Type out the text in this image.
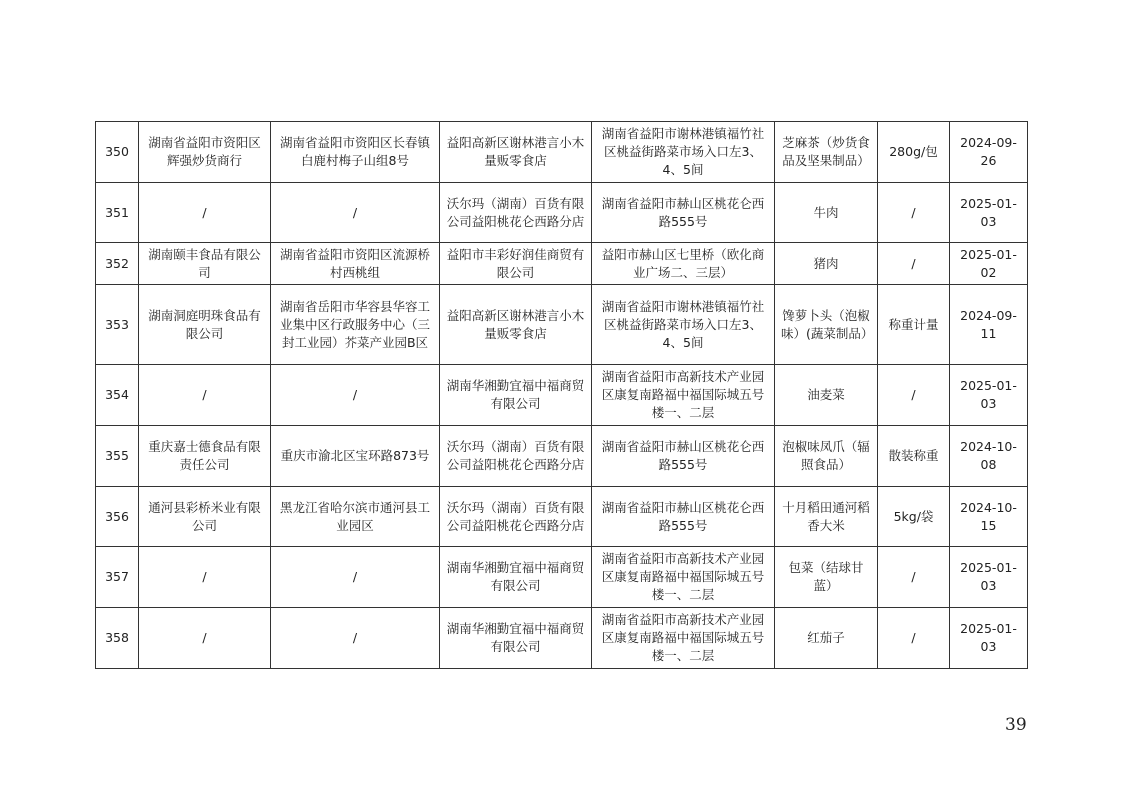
350	湖南省益阳市资阳区辉强炒货商行	湖南省益阳市资阳区长春镇白鹿村梅子山组8号	益阳高新区谢林港言小木量贩零食店	湖南省益阳市谢林港镇福竹社区桃益街路菜市场入口左3、4、5间	芝麻茶（炒货食品及坚果制品）	280g/包	2024-09-26
351	/	/	沃尔玛（湖南）百货有限公司益阳桃花仑西路分店	湖南省益阳市赫山区桃花仑西路555号	牛肉	/	2025-01-03
352	湖南颐丰食品有限公司	湖南省益阳市资阳区流源桥村西桃组	益阳市丰彩好润佳商贸有限公司	益阳市赫山区七里桥（欧化商业广场二、三层）	猪肉	/	2025-01-02
353	湖南洞庭明珠食品有限公司	湖南省岳阳市华容县华容工业集中区行政服务中心（三封工业园）芥菜产业园B区	益阳高新区谢林港言小木量贩零食店	湖南省益阳市谢林港镇福竹社区桃益街路菜市场入口左3、4、5间	馋萝卜头（泡椒味）(蔬菜制品）	称重计量	2024-09-11
354	/	/	湖南华湘勤宜福中福商贸有限公司	湖南省益阳市高新技术产业园区康复南路福中福国际城五号楼一、二层	油麦菜	/	2025-01-03
355	重庆嘉士德食品有限责任公司	重庆市渝北区宝环路873号	沃尔玛（湖南）百货有限公司益阳桃花仑西路分店	湖南省益阳市赫山区桃花仑西路555号	泡椒味凤爪（辐照食品）	散装称重	2024-10-08
356	通河县彩桥米业有限公司	黑龙江省哈尔滨市通河县工业园区	沃尔玛（湖南）百货有限公司益阳桃花仑西路分店	湖南省益阳市赫山区桃花仑西路555号	十月稻田通河稻香大米	5kg/袋	2024-10-15
357	/	/	湖南华湘勤宜福中福商贸有限公司	湖南省益阳市高新技术产业园区康复南路福中福国际城五号楼一、二层	包菜（结球甘蓝）	/	2025-01-03
358	/	/	湖南华湘勤宜福中福商贸有限公司	湖南省益阳市高新技术产业园区康复南路福中福国际城五号楼一、二层	红茄子	/	2025-01-03
39
